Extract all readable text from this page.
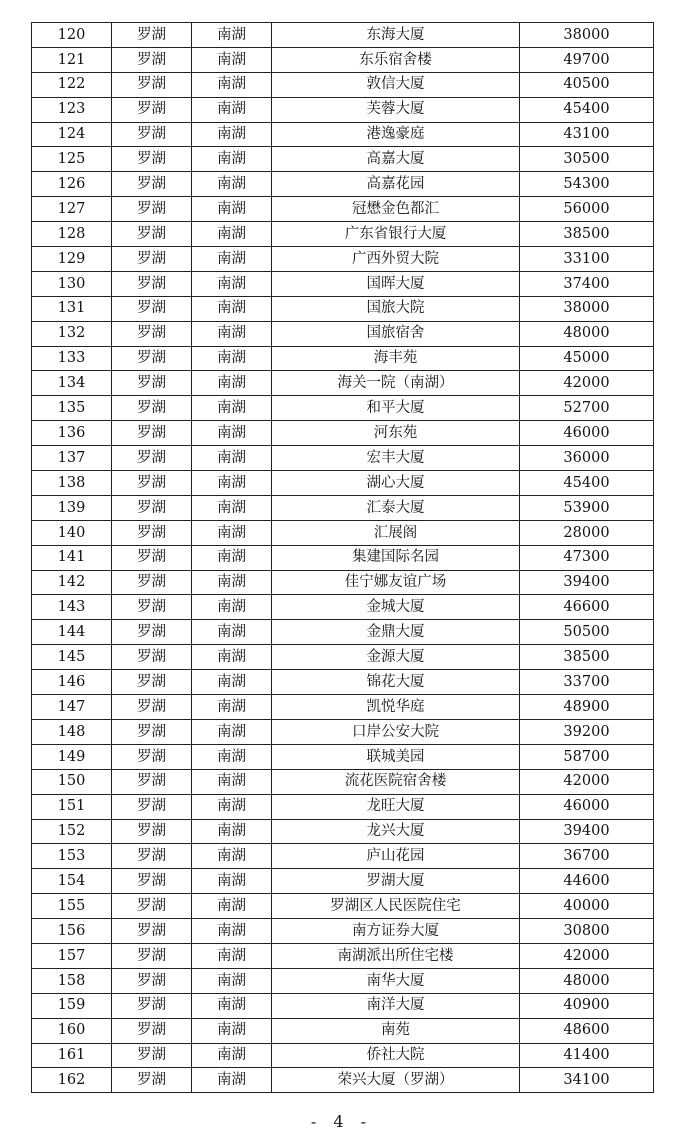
120	罗湖	南湖	东海大厦	38000
121	罗湖	南湖	东乐宿舍楼	49700
122	罗湖	南湖	敦信大厦	40500
123	罗湖	南湖	芙蓉大厦	45400
124	罗湖	南湖	港逸豪庭	43100
125	罗湖	南湖	高嘉大厦	30500
126	罗湖	南湖	高嘉花园	54300
127	罗湖	南湖	冠懋金色都汇	56000
128	罗湖	南湖	广东省银行大厦	38500
129	罗湖	南湖	广西外贸大院	33100
130	罗湖	南湖	国晖大厦	37400
131	罗湖	南湖	国旅大院	38000
132	罗湖	南湖	国旅宿舍	48000
133	罗湖	南湖	海丰苑	45000
134	罗湖	南湖	海关一院（南湖）	42000
135	罗湖	南湖	和平大厦	52700
136	罗湖	南湖	河东苑	46000
137	罗湖	南湖	宏丰大厦	36000
138	罗湖	南湖	湖心大厦	45400
139	罗湖	南湖	汇泰大厦	53900
140	罗湖	南湖	汇展阁	28000
141	罗湖	南湖	集建国际名园	47300
142	罗湖	南湖	佳宁娜友谊广场	39400
143	罗湖	南湖	金城大厦	46600
144	罗湖	南湖	金鼎大厦	50500
145	罗湖	南湖	金源大厦	38500
146	罗湖	南湖	锦花大厦	33700
147	罗湖	南湖	凯悦华庭	48900
148	罗湖	南湖	口岸公安大院	39200
149	罗湖	南湖	联城美园	58700
150	罗湖	南湖	流花医院宿舍楼	42000
151	罗湖	南湖	龙旺大厦	46000
152	罗湖	南湖	龙兴大厦	39400
153	罗湖	南湖	庐山花园	36700
154	罗湖	南湖	罗湖大厦	44600
155	罗湖	南湖	罗湖区人民医院住宅	40000
156	罗湖	南湖	南方证券大厦	30800
157	罗湖	南湖	南湖派出所住宅楼	42000
158	罗湖	南湖	南华大厦	48000
159	罗湖	南湖	南洋大厦	40900
160	罗湖	南湖	南苑	48600
161	罗湖	南湖	侨社大院	41400
162	罗湖	南湖	荣兴大厦（罗湖）	34100
- 4 -
